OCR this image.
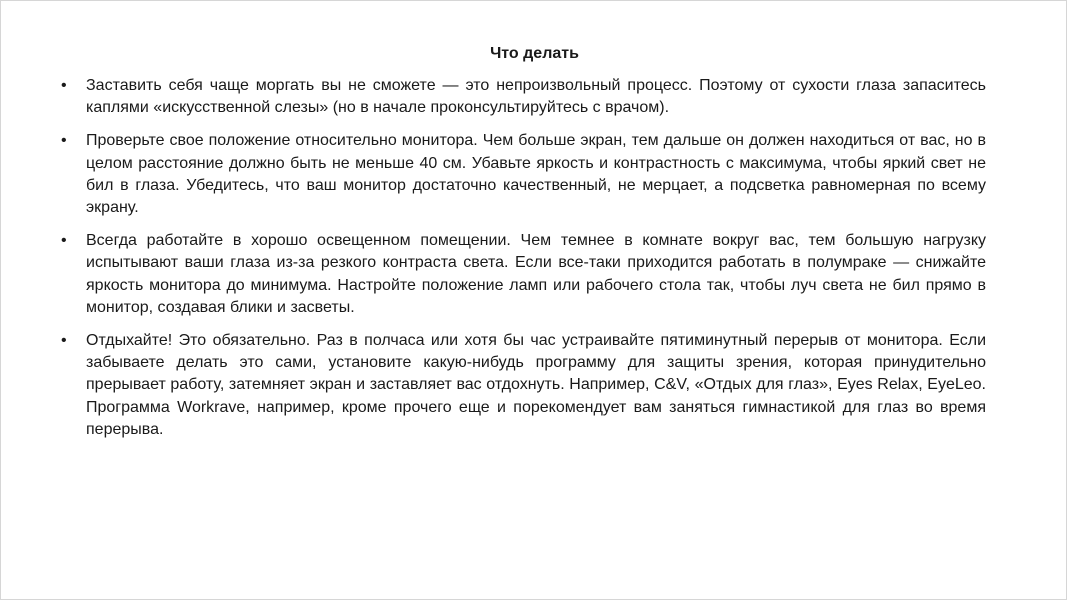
Что делать
• Заставить себя чаще моргать вы не сможете — это непроизвольный процесс. Поэтому от сухости глаза запаситесь каплями «искусственной слезы» (но в начале проконсультируйтесь с врачом).
• Проверьте свое положение относительно монитора. Чем больше экран, тем дальше он должен находиться от вас, но в целом расстояние должно быть не меньше 40 см. Убавьте яркость и контрастность с максимума, чтобы яркий свет не бил в глаза. Убедитесь, что ваш монитор достаточно качественный, не мерцает, а подсветка равномерная по всему экрану.
• Всегда работайте в хорошо освещенном помещении. Чем темнее в комнате вокруг вас, тем большую нагрузку испытывают ваши глаза из-за резкого контраста света. Если все-таки приходится работать в полумраке — снижайте яркость монитора до минимума. Настройте положение ламп или рабочего стола так, чтобы луч света не бил прямо в монитор, создавая блики и засветы.
• Отдыхайте! Это обязательно. Раз в полчаса или хотя бы час устраивайте пятиминутный перерыв от монитора. Если забываете делать это сами, установите какую-нибудь программу для защиты зрения, которая принудительно прерывает работу, затемняет экран и заставляет вас отдохнуть. Например, C&V, «Отдых для глаз», Eyes Relax, EyeLeo. Программа Workrave, например, кроме прочего еще и порекомендует вам заняться гимнастикой для глаз во время перерыва.
